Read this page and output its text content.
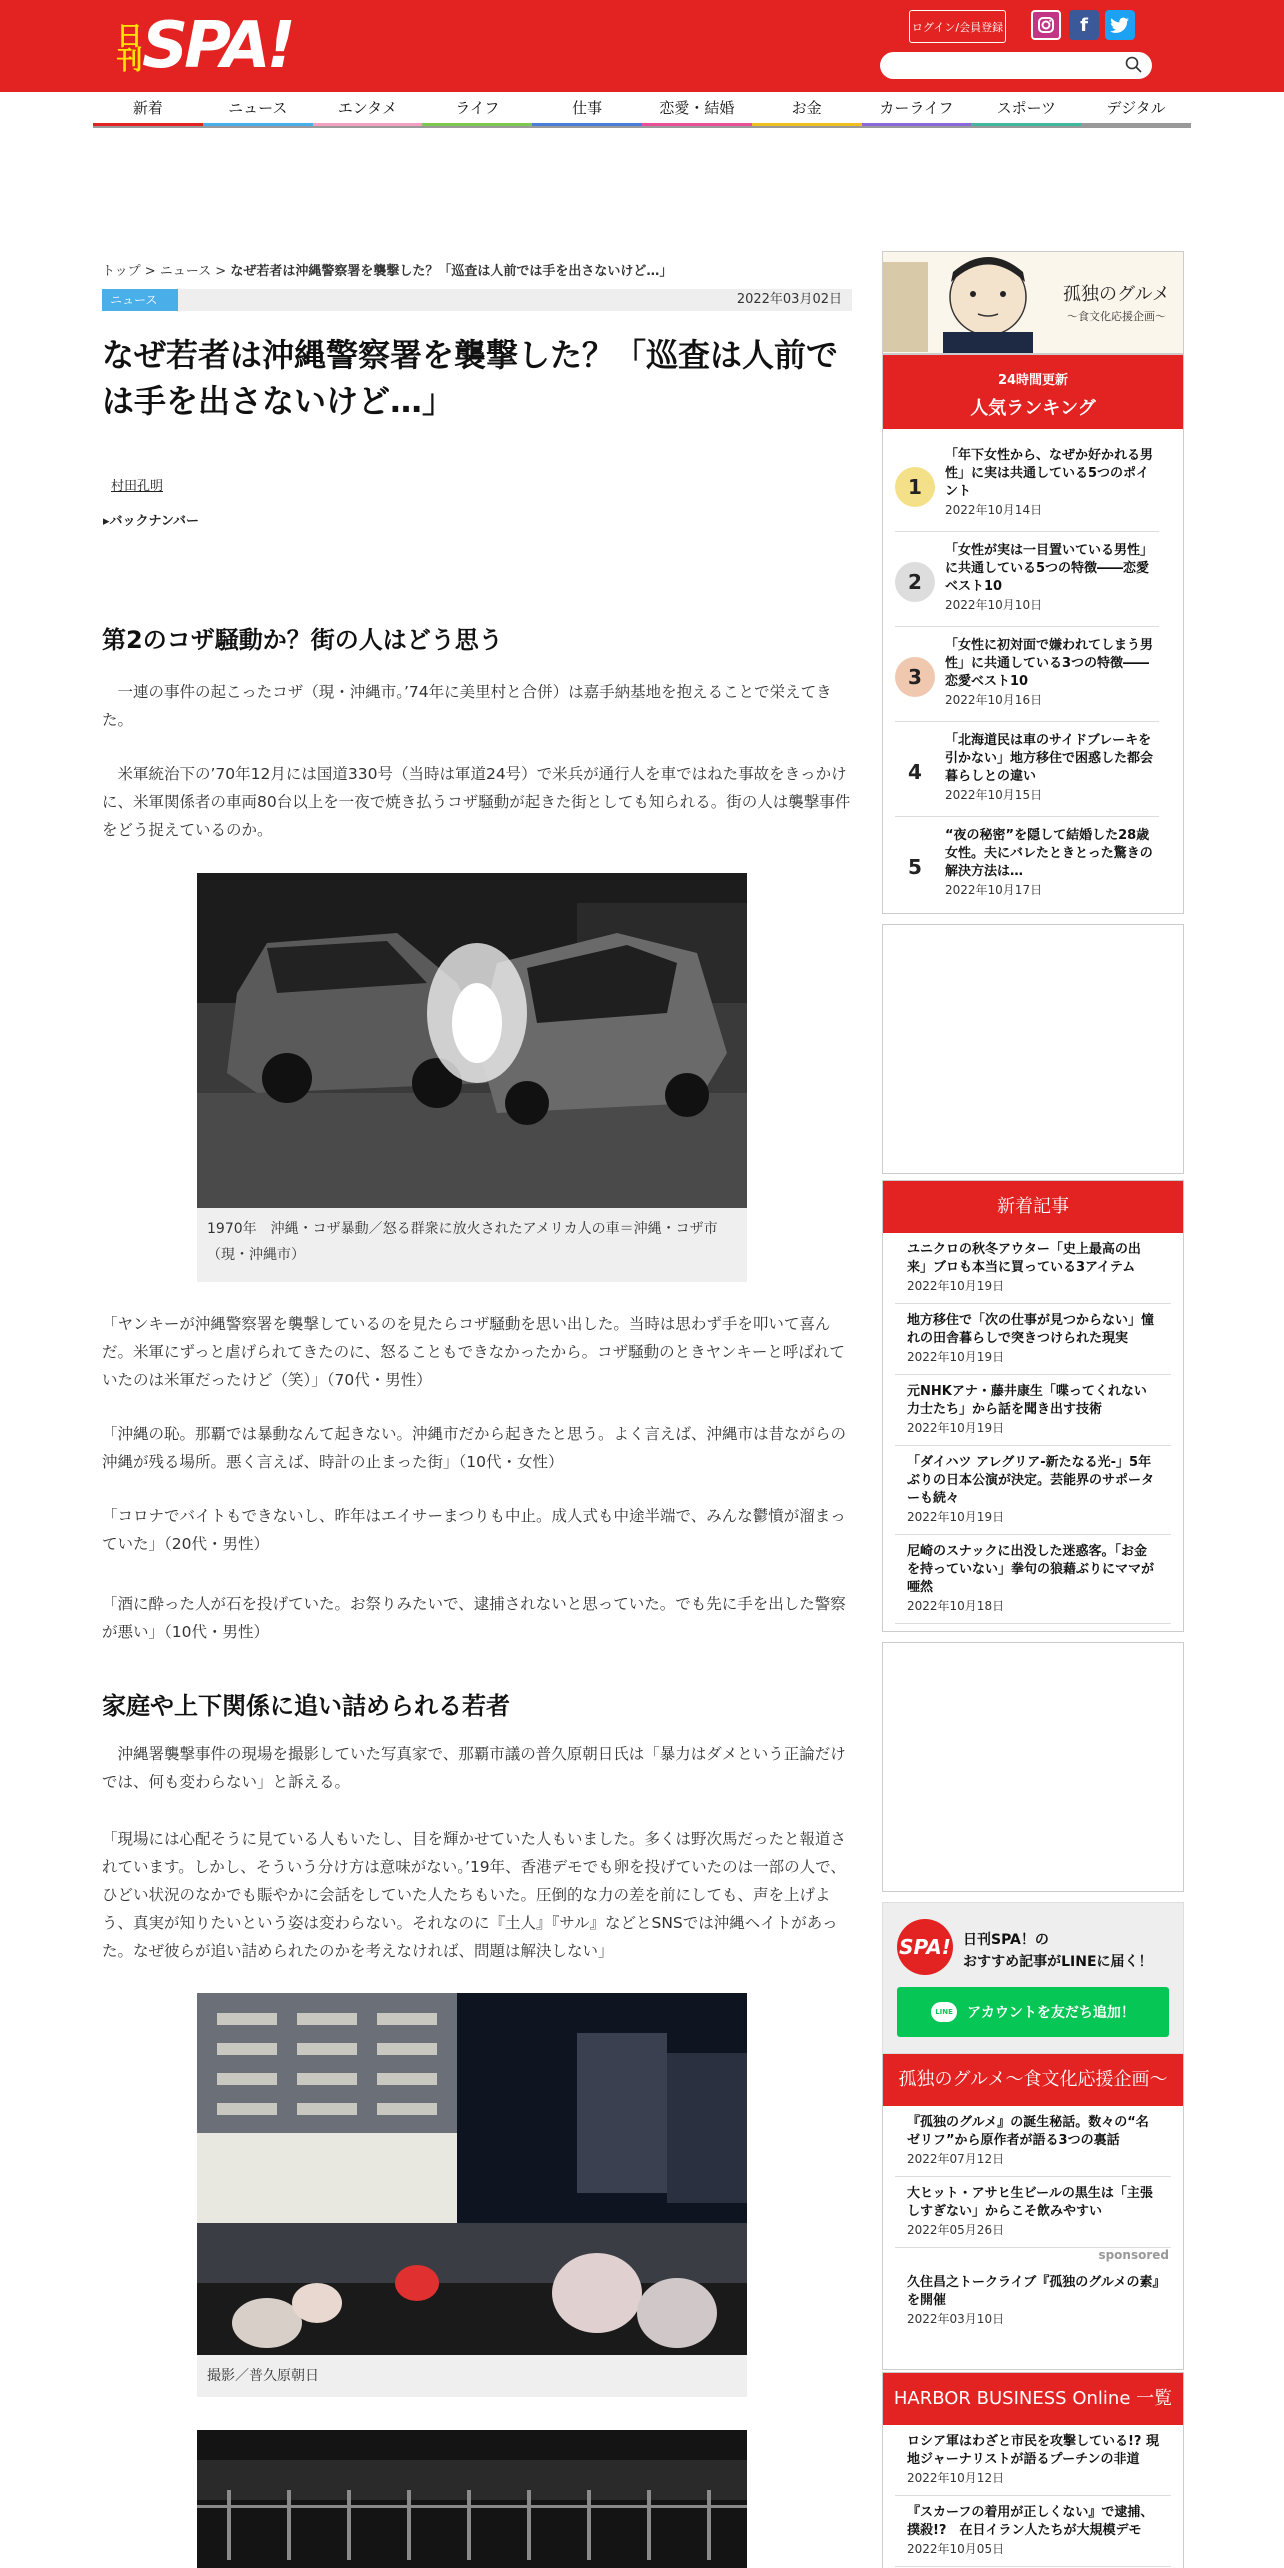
日刊 SPA!	ログイン/会員登録	f
新着	ニュース	エンタメ	ライフ	仕事	恋愛・結婚	お金	カーライフ	スポーツ	デジタル
トップ > ニュース > なぜ若者は沖縄警察署を襲撃した？「巡査は人前では手を出さないけど…」
ニュース	2022年03月02日
なぜ若者は沖縄警察署を襲撃した？「巡査は人前では手を出さないけど…」
村田孔明
▸バックナンバー
第2のコザ騒動か？街の人はどう思う

　一連の事件の起こったコザ（現・沖縄市。’74年に美里村と合併）は嘉手納基地を抱えることで栄えてきた。

　米軍統治下の’70年12月には国道330号（当時は軍道24号）で米兵が通行人を車ではねた事故をきっかけに、米軍関係者の車両80台以上を一夜で焼き払うコザ騒動が起きた街としても知られる。街の人は襲撃事件をどう捉えているのか。

1970年　沖縄・コザ暴動／怒る群衆に放火されたアメリカ人の車＝沖縄・コザ市（現・沖縄市）

「ヤンキーが沖縄警察署を襲撃しているのを見たらコザ騒動を思い出した。当時は思わず手を叩いて喜んだ。米軍にずっと虐げられてきたのに、怒ることもできなかったから。コザ騒動のときヤンキーと呼ばれていたのは米軍だったけど（笑）」（70代・男性）

「沖縄の恥。那覇では暴動なんて起きない。沖縄市だから起きたと思う。よく言えば、沖縄市は昔ながらの沖縄が残る場所。悪く言えば、時計の止まった街」（10代・女性）

「コロナでバイトもできないし、昨年はエイサーまつりも中止。成人式も中途半端で、みんな鬱憤が溜まっていた」（20代・男性）

「酒に酔った人が石を投げていた。お祭りみたいで、逮捕されないと思っていた。でも先に手を出した警察が悪い」（10代・男性）

家庭や上下関係に追い詰められる若者

　沖縄署襲撃事件の現場を撮影していた写真家で、那覇市議の普久原朝日氏は「暴力はダメという正論だけでは、何も変わらない」と訴える。

「現場には心配そうに見ている人もいたし、目を輝かせていた人もいました。多くは野次馬だったと報道されています。しかし、そういう分け方は意味がない。’19年、香港デモでも卵を投げていたのは一部の人で、ひどい状況のなかでも賑やかに会話をしていた人たちもいた。圧倒的な力の差を前にしても、声を上げよう、真実が知りたいという姿は変わらない。それなのに『土人』『サル』などとSNSでは沖縄ヘイトがあった。なぜ彼らが追い詰められたのかを考えなければ、問題は解決しない」

撮影／普久原朝日
孤独のグルメ
〜食文化応援企画〜
24時間更新
人気ランキング
1
「年下女性から、なぜか好かれる男性」に実は共通している5つのポイント
2022年10月14日
2
「女性が実は一目置いている男性」に共通している5つの特徴――恋愛ベスト10
2022年10月10日
3
「女性に初対面で嫌われてしまう男性」に共通している3つの特徴――恋愛ベスト10
2022年10月16日
4
「北海道民は車のサイドブレーキを引かない」地方移住で困惑した都会暮らしとの違い
2022年10月15日
5
“夜の秘密”を隠して結婚した28歳女性。夫にバレたときとった驚きの解決方法は…
2022年10月17日
新着記事
ユニクロの秋冬アウター「史上最高の出来」ブロも本当に買っている3アイテム
2022年10月19日
地方移住で「次の仕事が見つからない」憧れの田舎暮らしで突きつけられた現実
2022年10月19日
元NHKアナ・藤井康生「喋ってくれない力士たち」から話を聞き出す技術
2022年10月19日
「ダイハツ アレグリア-新たなる光-」5年ぶりの日本公演が決定。芸能界のサポーターも続々
2022年10月19日
尼崎のスナックに出没した迷惑客。「お金を持っていない」拳句の狼藉ぶりにママが唖然
2022年10月18日
SPA! 日刊SPA！の
おすすめ記事がLINEに届く！
LINE アカウントを友だち追加！
孤独のグルメ～食文化応援企画～
『孤独のグルメ』の誕生秘話。数々の“名ゼリフ”から原作者が語る3つの裏話
2022年07月12日
大ヒット・アサヒ生ビールの黒生は「主張しすぎない」からこそ飲みやすい
2022年05月26日
sponsored
久住昌之トークライブ『孤独のグルメの素』を開催
2022年03月10日
HARBOR BUSINESS Online 一覧
ロシア軍はわざと市民を攻撃している!? 現地ジャーナリストが語るプーチンの非道
2022年10月12日
『スカーフの着用が正しくない』で逮捕、撲殺!?　在日イラン人たちが大規模デモ
2022年10月05日
